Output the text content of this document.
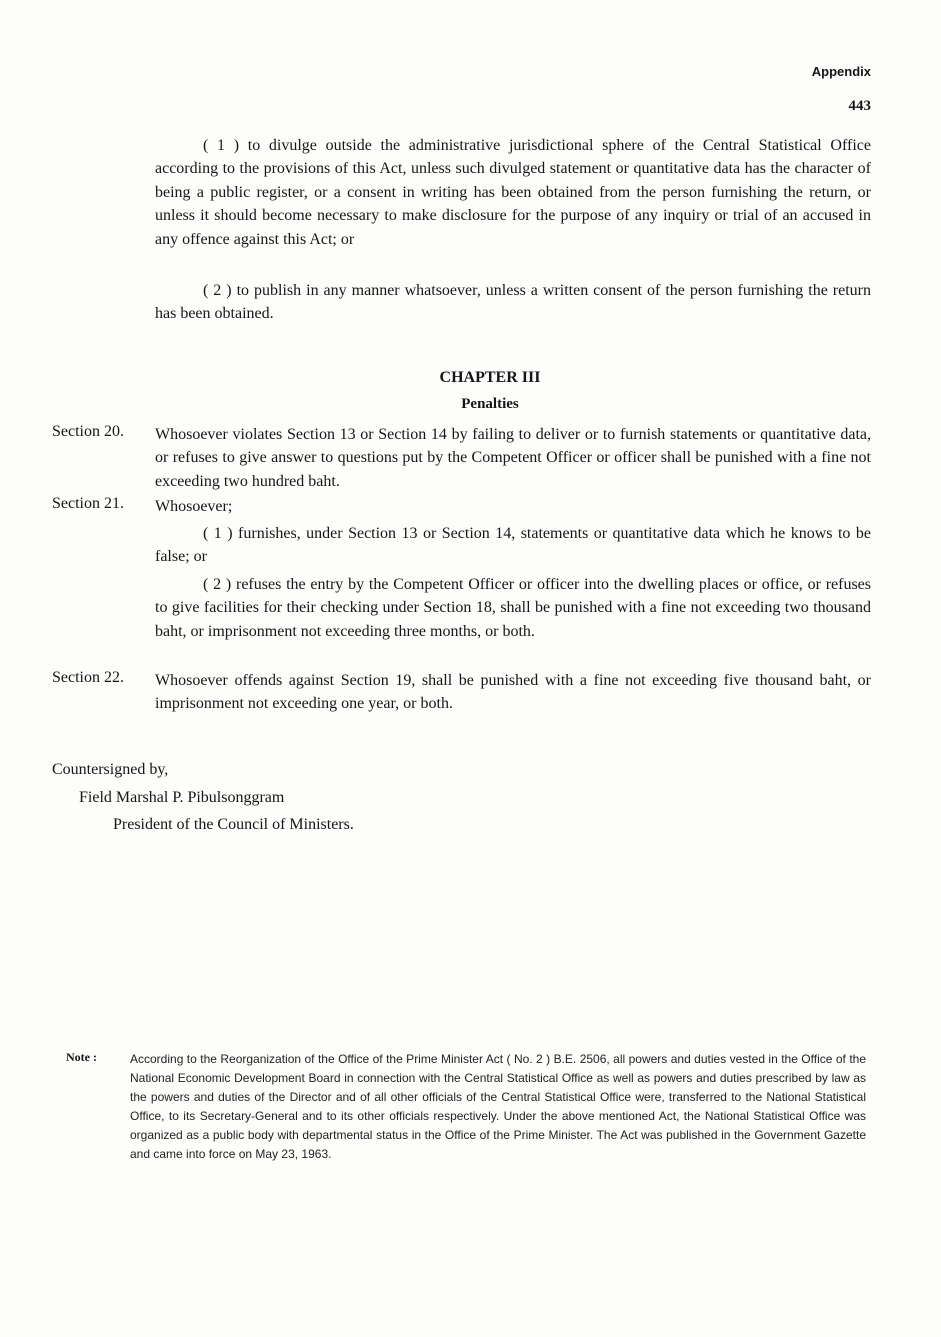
Appendix
443

( 1 ) to divulge outside the administrative jurisdictional sphere of the Central Statistical Office according to the provisions of this Act, unless such divulged statement or quantitative data has the character of being a public register, or a consent in writing has been obtained from the person furnishing the return, or unless it should become necessary to make disclosure for the purpose of any inquiry or trial of an accused in any offence against this Act; or

( 2 ) to publish in any manner whatsoever, unless a written consent of the person furnishing the return has been obtained.

CHAPTER III
Penalties
Section 20. Whosoever violates Section 13 or Section 14 by failing to deliver or to furnish statements or quantitative data, or refuses to give answer to questions put by the Competent Officer or officer shall be punished with a fine not exceeding two hundred baht.

Section 21. Whosoever;

( 1 ) furnishes, under Section 13 or Section 14, statements or quantitative data which he knows to be false; or

( 2 ) refuses the entry by the Competent Officer or officer into the dwelling places or office, or refuses to give facilities for their checking under Section 18, shall be punished with a fine not exceeding two thousand baht, or imprisonment not exceeding three months, or both.

Section 22. Whosoever offends against Section 19, shall be punished with a fine not exceeding five thousand baht, or imprisonment not exceeding one year, or both.

Countersigned by,
Field Marshal P. Pibulsonggram
President of the Council of Ministers.
Note :	According to the Reorganization of the Office of the Prime Minister Act ( No. 2 ) B.E. 2506, all powers and duties vested in the Office of the National Economic Development Board in connection with the Central Statistical Office as well as powers and duties prescribed by law as the powers and duties of the Director and of all other officials of the Central Statistical Office were, transferred to the National Statistical Office, to its Secretary-General and to its other officials respectively. Under the above mentioned Act, the National Statistical Office was organized as a public body with departmental status in the Office of the Prime Minister. The Act was published in the Government Gazette and came into force on May 23, 1963.
